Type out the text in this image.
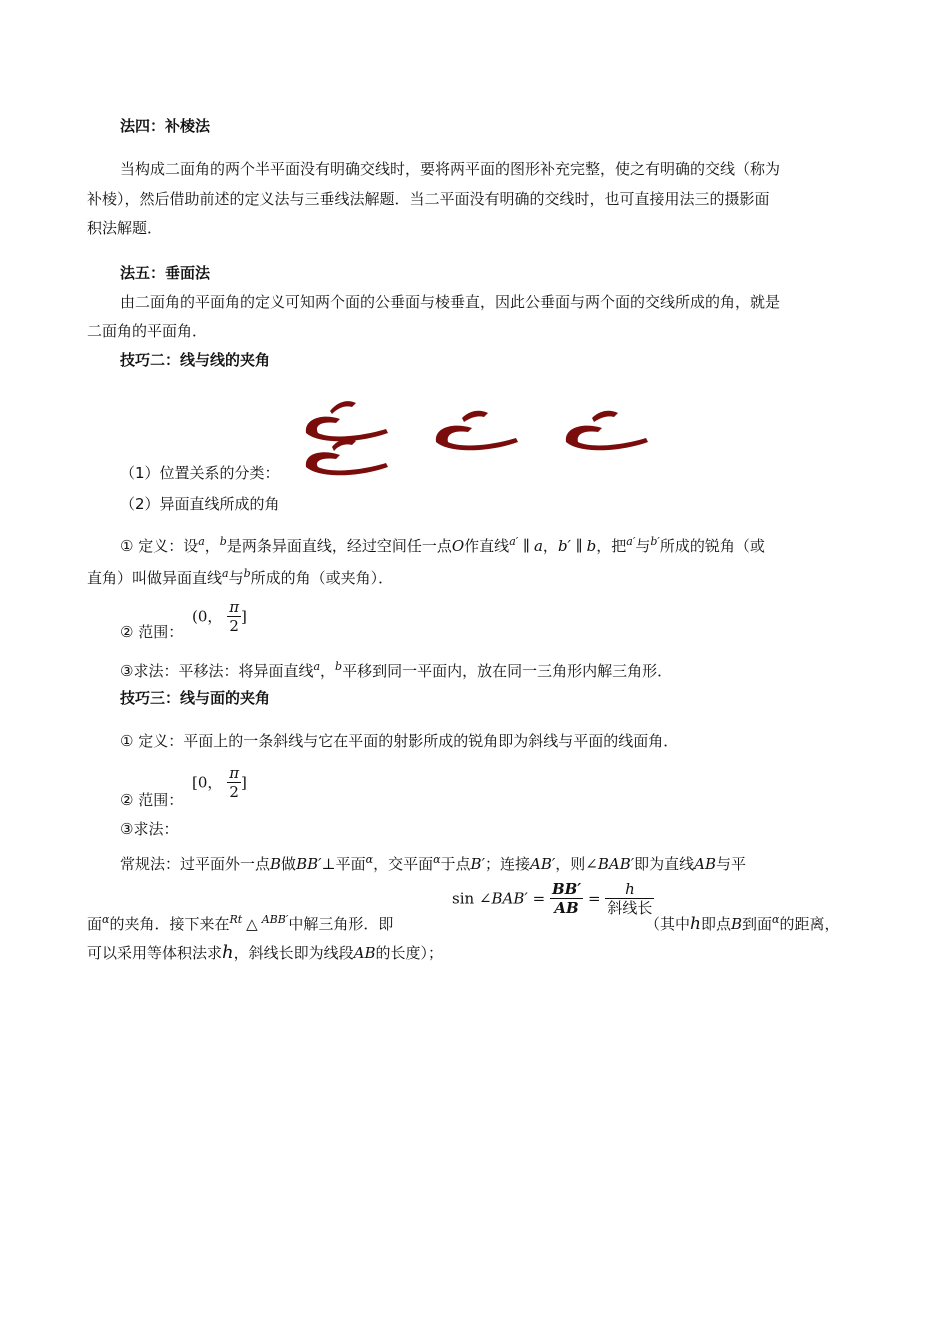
法四：补棱法
当构成二面角的两个半平面没有明确交线时，要将两平面的图形补充完整，使之有明确的交线（称为
补棱），然后借助前述的定义法与三垂线法解题．当二平面没有明确的交线时，也可直接用法三的摄影面
积法解题．
法五：垂面法
由二面角的平面角的定义可知两个面的公垂面与棱垂直，因此公垂面与两个面的交线所成的角，就是
二面角的平面角．
技巧二：线与线的夹角
（1）位置关系的分类：
（2）异面直线所成的角
① 定义：设$^a$，$^b$是两条异面直线，经过空间任一点O作直线$^{a'}$ ∥ a，b′ ∥ b，把$^{a'}$与$^{b'}$所成的锐角（或
直角）叫做异面直线$^a$与$^b$所成的角（或夹角）．
(0， $\frac{\pi}{2}$ ]
② 范围：
③求法：平移法：将异面直线$^a$，$^b$平移到同一平面内，放在同一三角形内解三角形．
技巧三：线与面的夹角
① 定义：平面上的一条斜线与它在平面的射影所成的锐角即为斜线与平面的线面角．
[0， $\frac{\pi}{2}$ ]
② 范围：
③求法：
常规法：过平面外一点B做BB′⊥平面$^\alpha$，交平面$^\alpha$于点B′；连接AB′，则∠BAB′即为直线AB与平
sin ∠BAB′ = $\frac{BB'}{AB} = \frac{h}{\text{斜线长}}$
面$^\alpha$的夹角．接下来在$^{Rt}$ △ $^{ABB'}$中解三角形．即	（其中h即点B到面$^\alpha$的距离，
可以采用等体积法求h，斜线长即为线段AB的长度）；
